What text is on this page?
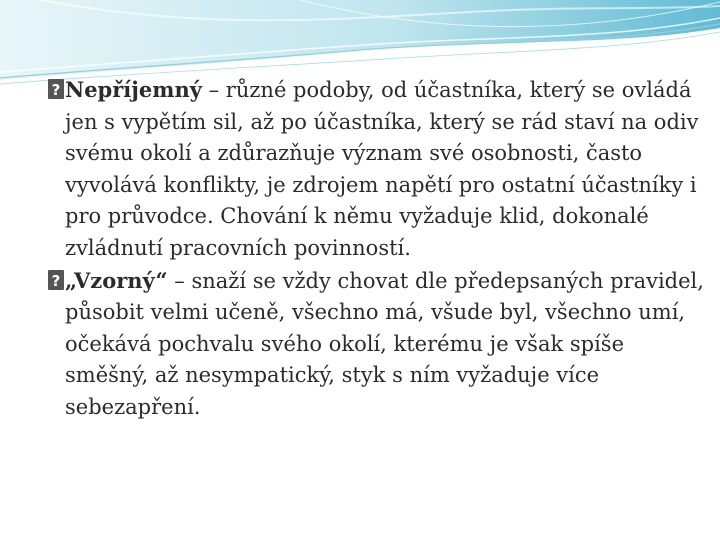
?
Nepříjemný – různé podoby, od účastníka, který se ovládá jen s vypětím sil, až po účastníka, který se rád staví na odiv svému okolí a zdůrazňuje význam své osobnosti, často vyvolává konflikty, je zdrojem napětí pro ostatní účastníky i pro průvodce. Chování k němu vyžaduje klid, dokonalé zvládnutí pracovních povinností.

?
„Vzorný“ – snaží se vždy chovat dle předepsaných pravidel, působit velmi učeně, všechno má, všude byl, všechno umí, očekává pochvalu svého okolí, kterému je však spíše směšný, až nesympatický, styk s ním vyžaduje více sebezapření.
